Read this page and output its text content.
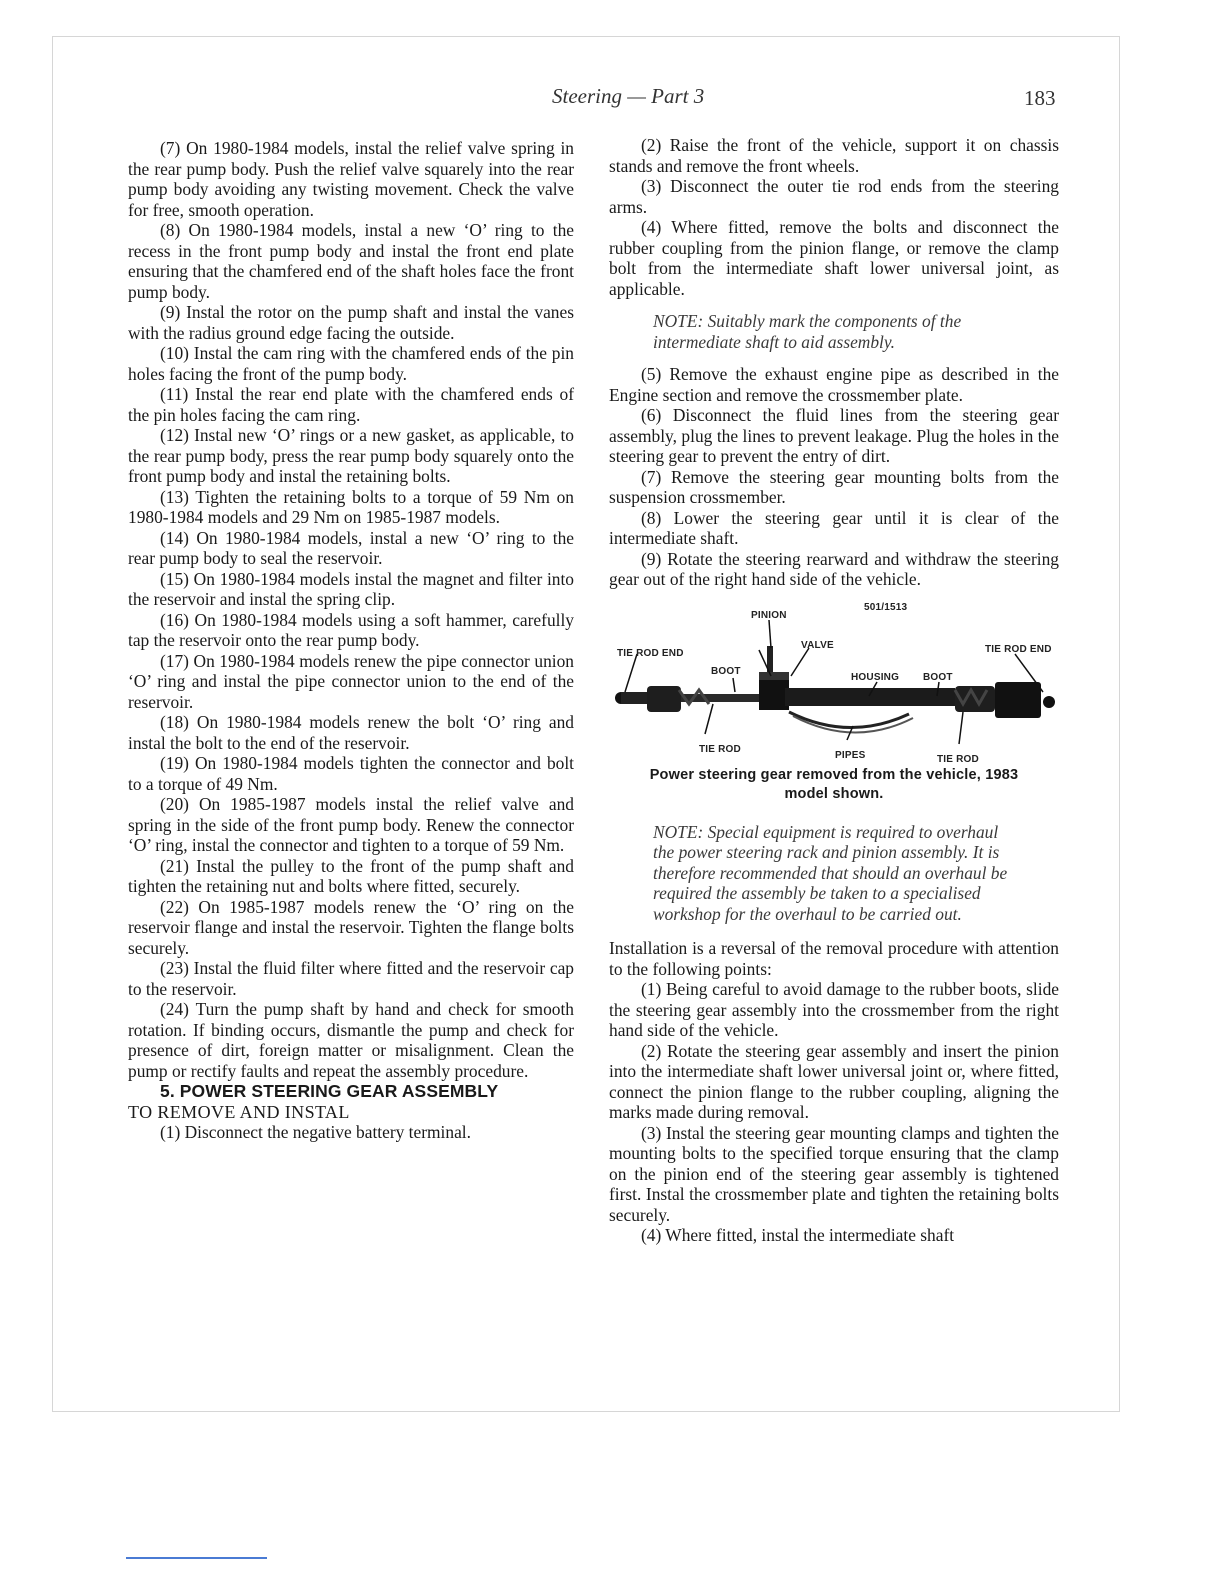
Steering — Part 3	183

(7) On 1980-1984 models, instal the relief valve spring in the rear pump body. Push the relief valve squarely into the rear pump body avoiding any twisting movement. Check the valve for free, smooth operation.

(8) On 1980-1984 models, instal a new ‘O’ ring to the recess in the front pump body and instal the front end plate ensuring that the chamfered end of the shaft holes face the front pump body.

(9) Instal the rotor on the pump shaft and instal the vanes with the radius ground edge facing the outside.

(10) Instal the cam ring with the chamfered ends of the pin holes facing the front of the pump body.

(11) Instal the rear end plate with the chamfered ends of the pin holes facing the cam ring.

(12) Instal new ‘O’ rings or a new gasket, as applicable, to the rear pump body, press the rear pump body squarely onto the front pump body and instal the retaining bolts.

(13) Tighten the retaining bolts to a torque of 59 Nm on 1980-1984 models and 29 Nm on 1985-1987 models.

(14) On 1980-1984 models, instal a new ‘O’ ring to the rear pump body to seal the reservoir.

(15) On 1980-1984 models instal the magnet and filter into the reservoir and instal the spring clip.

(16) On 1980-1984 models using a soft hammer, carefully tap the reservoir onto the rear pump body.

(17) On 1980-1984 models renew the pipe connector union ‘O’ ring and instal the pipe connector union to the end of the reservoir.

(18) On 1980-1984 models renew the bolt ‘O’ ring and instal the bolt to the end of the reservoir.

(19) On 1980-1984 models tighten the connector and bolt to a torque of 49 Nm.

(20) On 1985-1987 models instal the relief valve and spring in the side of the front pump body. Renew the connector ‘O’ ring, instal the connector and tighten to a torque of 59 Nm.

(21) Instal the pulley to the front of the pump shaft and tighten the retaining nut and bolts where fitted, securely.

(22) On 1985-1987 models renew the ‘O’ ring on the reservoir flange and instal the reservoir. Tighten the flange bolts securely.

(23) Instal the fluid filter where fitted and the reservoir cap to the reservoir.

(24) Turn the pump shaft by hand and check for smooth rotation. If binding occurs, dismantle the pump and check for presence of dirt, foreign matter or misalignment. Clean the pump or rectify faults and repeat the assembly procedure.

5. POWER STEERING GEAR ASSEMBLY

TO REMOVE AND INSTAL

(1) Disconnect the negative battery terminal.

(2) Raise the front of the vehicle, support it on chassis stands and remove the front wheels.

(3) Disconnect the outer tie rod ends from the steering arms.

(4) Where fitted, remove the bolts and disconnect the rubber coupling from the pinion flange, or remove the clamp bolt from the intermediate shaft lower universal joint, as applicable.

NOTE: Suitably mark the components of the intermediate shaft to aid assembly.

(5) Remove the exhaust engine pipe as described in the Engine section and remove the crossmember plate.

(6) Disconnect the fluid lines from the steering gear assembly, plug the lines to prevent leakage. Plug the holes in the steering gear to prevent the entry of dirt.

(7) Remove the steering gear mounting bolts from the suspension crossmember.

(8) Lower the steering gear until it is clear of the intermediate shaft.

(9) Rotate the steering rearward and withdraw the steering gear out of the right hand side of the vehicle.

501/1513
PINION
VALVE
TIE ROD END	TIE ROD END
BOOT
HOUSING BOOT
TIE ROD
PIPES	TIE ROD
Power steering gear removed from the vehicle, 1983
model shown.

NOTE: Special equipment is required to overhaul the power steering rack and pinion assembly. It is therefore recommended that should an overhaul be required the assembly be taken to a specialised workshop for the overhaul to be carried out.

Installation is a reversal of the removal procedure with attention to the following points:

(1) Being careful to avoid damage to the rubber boots, slide the steering gear assembly into the crossmember from the right hand side of the vehicle.

(2) Rotate the steering gear assembly and insert the pinion into the intermediate shaft lower universal joint or, where fitted, connect the pinion flange to the rubber coupling, aligning the marks made during removal.

(3) Instal the steering gear mounting clamps and tighten the mounting bolts to the specified torque ensuring that the clamp on the pinion end of the steering gear assembly is tightened first. Instal the crossmember plate and tighten the retaining bolts securely.

(4) Where fitted, instal the intermediate shaft
